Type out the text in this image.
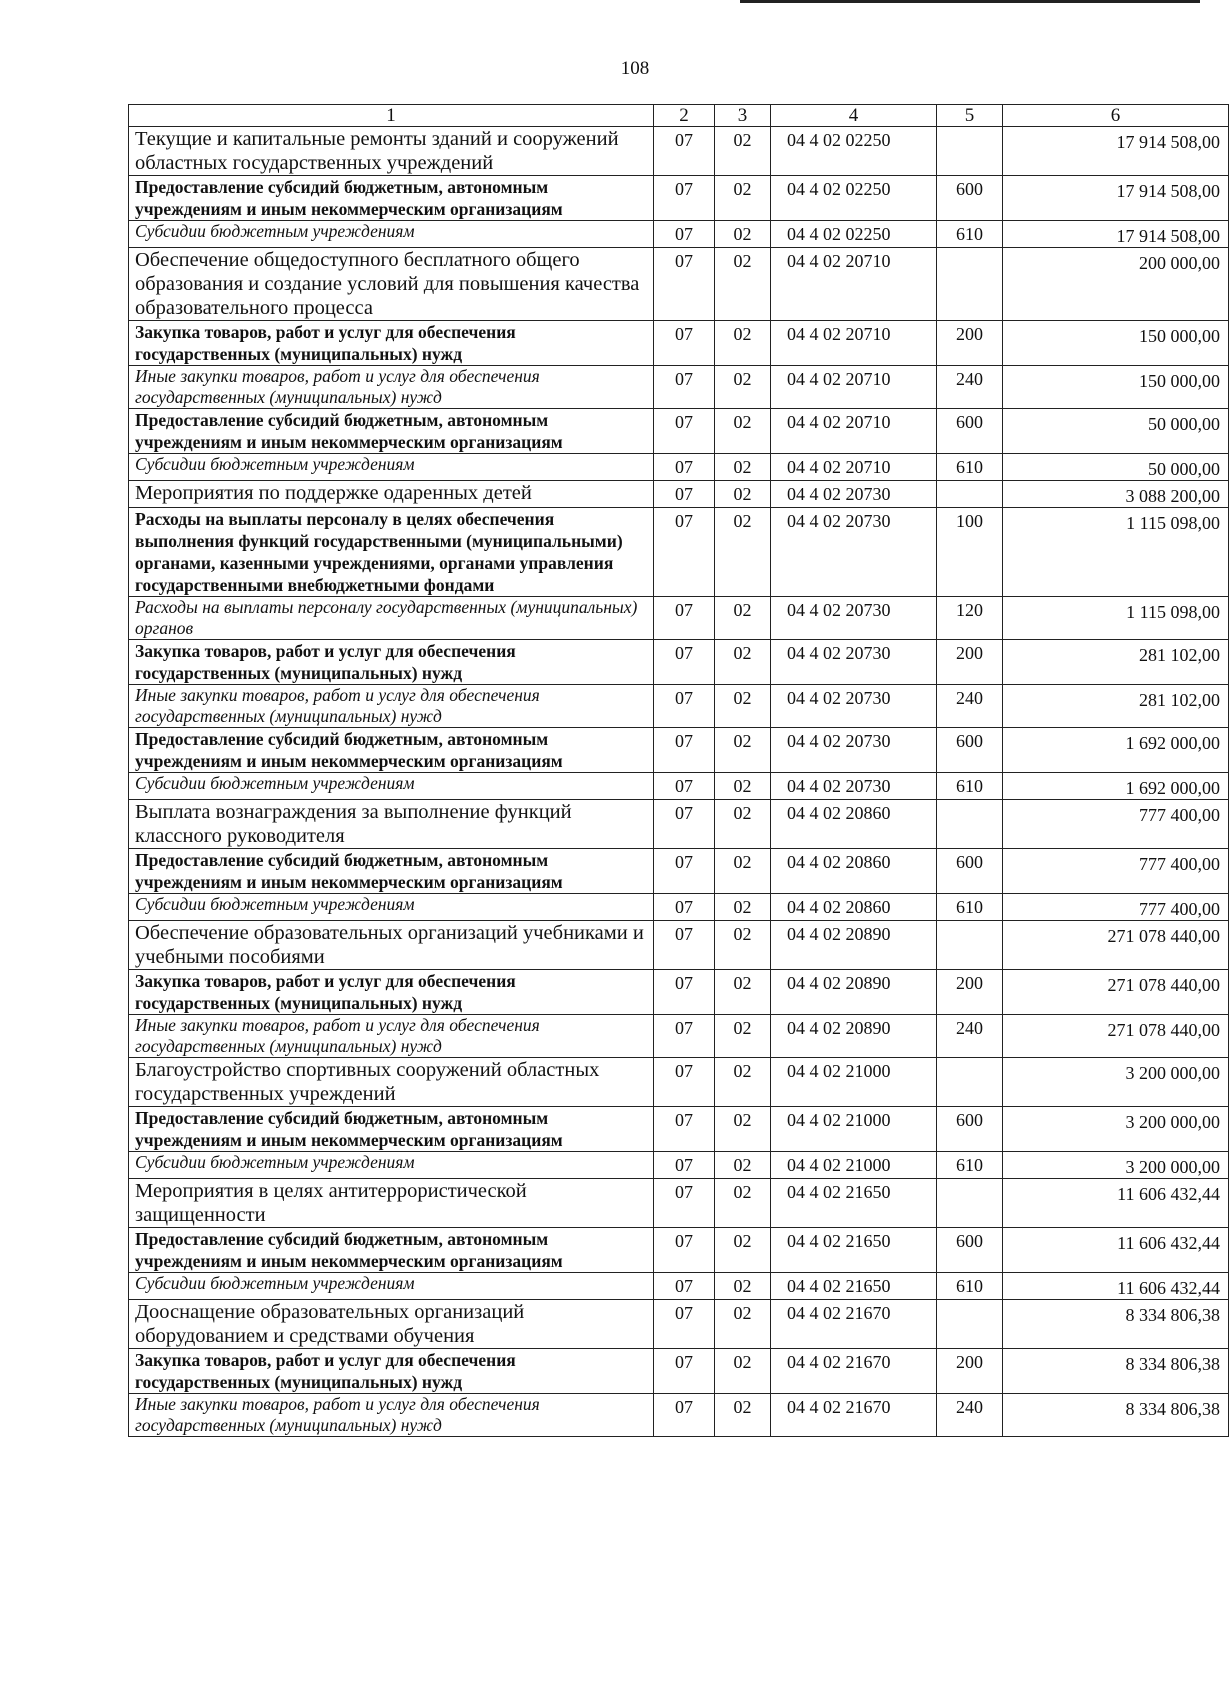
108
1	2	3	4	5	6
Текущие и капитальные ремонты зданий и сооружений областных государственных учреждений	07	02	04 4 02 02250		17 914 508,00
Предоставление субсидий бюджетным, автономным учреждениям и иным некоммерческим организациям	07	02	04 4 02 02250	600	17 914 508,00
Субсидии бюджетным учреждениям	07	02	04 4 02 02250	610	17 914 508,00
Обеспечение общедоступного бесплатного общего образования и создание условий для повышения качества образовательного процесса	07	02	04 4 02 20710		200 000,00
Закупка товаров, работ и услуг для обеспечения государственных (муниципальных) нужд	07	02	04 4 02 20710	200	150 000,00
Иные закупки товаров, работ и услуг для обеспечения государственных (муниципальных) нужд	07	02	04 4 02 20710	240	150 000,00
Предоставление субсидий бюджетным, автономным учреждениям и иным некоммерческим организациям	07	02	04 4 02 20710	600	50 000,00
Субсидии бюджетным учреждениям	07	02	04 4 02 20710	610	50 000,00
Мероприятия по поддержке одаренных детей	07	02	04 4 02 20730		3 088 200,00
Расходы на выплаты персоналу в целях обеспечения выполнения функций государственными (муниципальными) органами, казенными учреждениями, органами управления государственными внебюджетными фондами	07	02	04 4 02 20730	100	1 115 098,00
Расходы на выплаты персоналу государственных (муниципальных) органов	07	02	04 4 02 20730	120	1 115 098,00
Закупка товаров, работ и услуг для обеспечения государственных (муниципальных) нужд	07	02	04 4 02 20730	200	281 102,00
Иные закупки товаров, работ и услуг для обеспечения государственных (муниципальных) нужд	07	02	04 4 02 20730	240	281 102,00
Предоставление субсидий бюджетным, автономным учреждениям и иным некоммерческим организациям	07	02	04 4 02 20730	600	1 692 000,00
Субсидии бюджетным учреждениям	07	02	04 4 02 20730	610	1 692 000,00
Выплата вознаграждения за выполнение функций классного руководителя	07	02	04 4 02 20860		777 400,00
Предоставление субсидий бюджетным, автономным учреждениям и иным некоммерческим организациям	07	02	04 4 02 20860	600	777 400,00
Субсидии бюджетным учреждениям	07	02	04 4 02 20860	610	777 400,00
Обеспечение образовательных организаций учебниками и учебными пособиями	07	02	04 4 02 20890		271 078 440,00
Закупка товаров, работ и услуг для обеспечения государственных (муниципальных) нужд	07	02	04 4 02 20890	200	271 078 440,00
Иные закупки товаров, работ и услуг для обеспечения государственных (муниципальных) нужд	07	02	04 4 02 20890	240	271 078 440,00
Благоустройство спортивных сооружений областных государственных учреждений	07	02	04 4 02 21000		3 200 000,00
Предоставление субсидий бюджетным, автономным учреждениям и иным некоммерческим организациям	07	02	04 4 02 21000	600	3 200 000,00
Субсидии бюджетным учреждениям	07	02	04 4 02 21000	610	3 200 000,00
Мероприятия в целях антитеррористической защищенности	07	02	04 4 02 21650		11 606 432,44
Предоставление субсидий бюджетным, автономным учреждениям и иным некоммерческим организациям	07	02	04 4 02 21650	600	11 606 432,44
Субсидии бюджетным учреждениям	07	02	04 4 02 21650	610	11 606 432,44
Дооснащение образовательных организаций оборудованием и средствами обучения	07	02	04 4 02 21670		8 334 806,38
Закупка товаров, работ и услуг для обеспечения государственных (муниципальных) нужд	07	02	04 4 02 21670	200	8 334 806,38
Иные закупки товаров, работ и услуг для обеспечения государственных (муниципальных) нужд	07	02	04 4 02 21670	240	8 334 806,38
